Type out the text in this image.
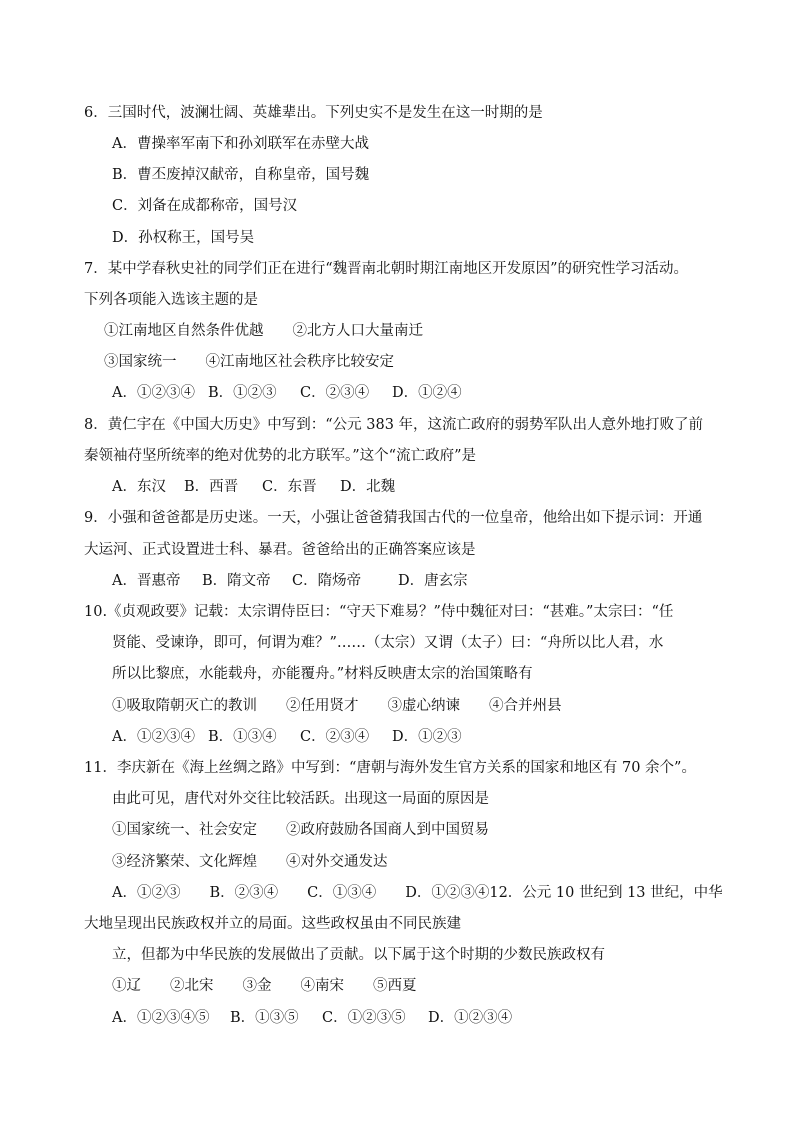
6．三国时代，波澜壮阔、英雄辈出。下列史实不是发生在这一时期的是
A．曹操率军南下和孙刘联军在赤壁大战
B．曹丕废掉汉献帝，自称皇帝，国号魏
C．刘备在成都称帝，国号汉
D．孙权称王，国号吴
7．某中学春秋史社的同学们正在进行“魏晋南北朝时期江南地区开发原因”的研究性学习活动。
下列各项能入选该主题的是
①江南地区自然条件优越　　②北方人口大量南迁
③国家统一　　④江南地区社会秩序比较安定
A．①②③④ B．①②③ C．②③④ D．①②④
8．黄仁宇在《中国大历史》中写到：“公元 383 年，这流亡政府的弱势军队出人意外地打败了前
秦领袖苻坚所统率的绝对优势的北方联军。”这个“流亡政府”是
A．东汉 B．西晋 C．东晋 D．北魏
9．小强和爸爸都是历史迷。一天，小强让爸爸猜我国古代的一位皇帝，他给出如下提示词：开通
大运河、正式设置进士科、暴君。爸爸给出的正确答案应该是
A．晋惠帝 B．隋文帝 C．隋炀帝	D．唐玄宗
10.《贞观政要》记载：太宗谓侍臣曰：“守天下难易？”侍中魏征对曰：“甚难。”太宗曰：“任
贤能、受谏诤，即可，何谓为难？”……（太宗）又谓（太子）曰：“舟所以比人君，水
所以比黎庶，水能载舟，亦能覆舟。”材料反映唐太宗的治国策略有
①吸取隋朝灭亡的教训　　②任用贤才　　③虚心纳谏　　④合并州县
A．①②③④ B．①③④ C．②③④ D．①②③
11．李庆新在《海上丝绸之路》中写到：“唐朝与海外发生官方关系的国家和地区有 70 余个”。
由此可见，唐代对外交往比较活跃。出现这一局面的原因是
①国家统一、社会安定　　②政府鼓励各国商人到中国贸易
③经济繁荣、文化辉煌　　④对外交通发达
A．①②③　　B．②③④　　C．①③④　　D．①②③④12．公元 10 世纪到 13 世纪，中华
大地呈现出民族政权并立的局面。这些政权虽由不同民族建
立，但都为中华民族的发展做出了贡献。以下属于这个时期的少数民族政权有
①辽　　②北宋　　③金　　④南宋　　⑤西夏
A．①②③④⑤ B．①③⑤ C．①②③⑤ D．①②③④
